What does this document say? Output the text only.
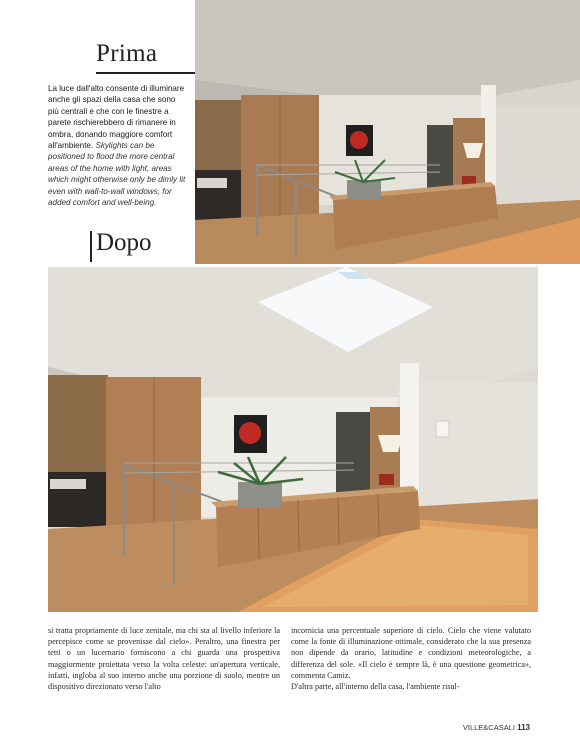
Prima
Dopo
La luce dall'alto consente di illuminare anche gli spazi della casa che sono più centrali e che con le finestre a parete rischierebbero di rimanere in ombra, donando maggiore comfort all'ambiente. Skylights can be positioned to flood the more central areas of the home with light, areas which might otherwise only be dimly lit even with wall-to-wall windows, for added comfort and well-being.

si tratta propriamente di luce zenitale, ma chi sta al livello inferiore la percepisce come se provenisse dal cielo». Peraltro, una finestra per tetti o un lucernario forniscono a chi guarda una prospettiva maggiormente proiettata verso la volta celeste: un'apertura verticale, infatti, ingloba al suo interno anche una porzione di suolo, mentre un dispositivo direzionato verso l'alto

incornicia una percentuale superiore di cielo. Cielo che viene valutato come la fonte di illuminazione ottimale, considerato che la sua presenza non dipende da orario, latitudine e condizioni meteorologiche, a differenza del sole. «Il cielo è sempre là, è una questione geometrica», commenta Camiz.

D'altra parte, all'interno della casa, l'ambiente risul-

VILLE&CASALI 113
